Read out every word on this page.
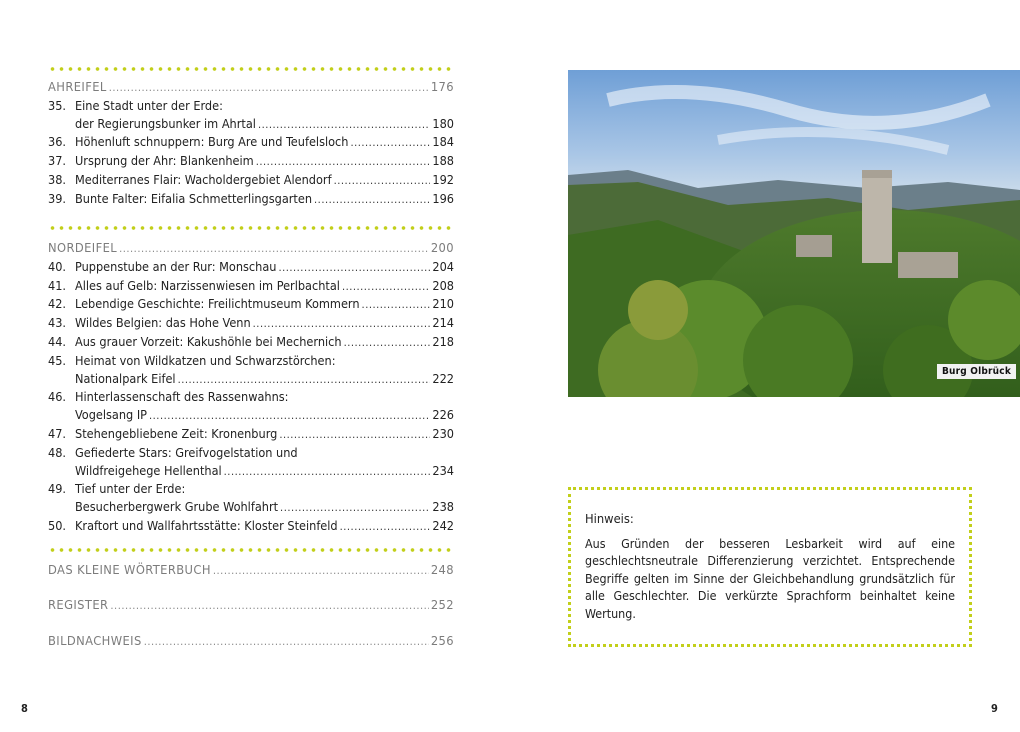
AHREIFEL .....	176
35. Eine Stadt unter der Erde:
der Regierungsbunker im Ahrtal .....	180
36. Höhenluft schnuppern: Burg Are und Teufelsloch .....	184
37. Ursprung der Ahr: Blankenheim .....	188
38. Mediterranes Flair: Wacholdergebiet Alendorf .....	192
39. Bunte Falter: Eifalia Schmetterlingsgarten .....	196
NORDEIFEL .....	200
40. Puppenstube an der Rur: Monschau .....	204
41. Alles auf Gelb: Narzissenwiesen im Perlbachtal .....	208
42. Lebendige Geschichte: Freilichtmuseum Kommern .....	210
43. Wildes Belgien: das Hohe Venn .....	214
44. Aus grauer Vorzeit: Kakushöhle bei Mechernich .....	218
45. Heimat von Wildkatzen und Schwarzstörchen:
Nationalpark Eifel .....	222
46. Hinterlassenschaft des Rassenwahns:
Vogelsang IP .....	226
47. Stehengebliebene Zeit: Kronenburg .....	230
48. Gefiederte Stars: Greifvogelstation und
Wildfreigehege Hellenthal .....	234
49. Tief unter der Erde:
Besucherbergwerk Grube Wohlfahrt .....	238
50. Kraftort und Wallfahrtsstätte: Kloster Steinfeld .....	242
DAS KLEINE WÖRTERBUCH .....	248
REGISTER .....	252
BILDNACHWEIS .....	256
Burg Olbrück
Hinweis:

Aus Gründen der besseren Lesbarkeit wird auf eine geschlechtsneutrale Differenzierung verzichtet. Entsprechende Begriffe gelten im Sinne der Gleichbehandlung grundsätzlich für alle Geschlechter. Die verkürzte Sprachform beinhaltet keine Wertung.

8	9
